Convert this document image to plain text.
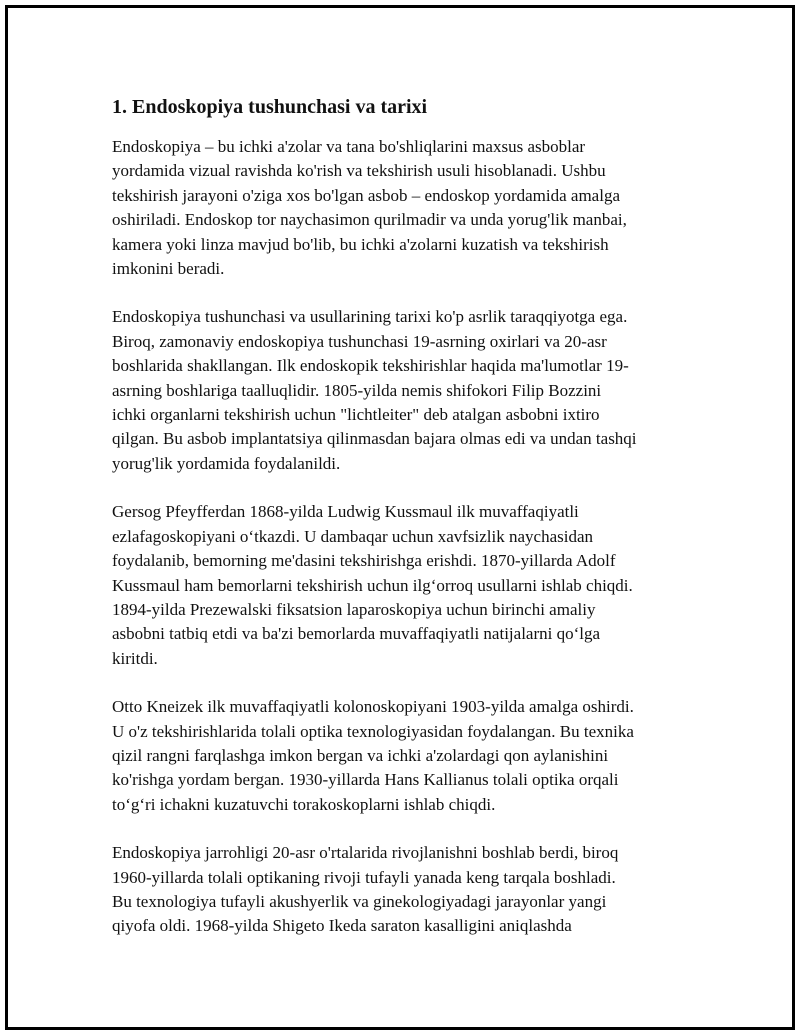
1. Endoskopiya tushunchasi va tarixi
Endoskopiya – bu ichki a'zolar va tana bo'shliqlarini maxsus asboblar
yordamida vizual ravishda ko'rish va tekshirish usuli hisoblanadi. Ushbu
tekshirish jarayoni o'ziga xos bo'lgan asbob – endoskop yordamida amalga
oshiriladi. Endoskop tor naychasimon qurilmadir va unda yorug'lik manbai,
kamera yoki linza mavjud bo'lib, bu ichki a'zolarni kuzatish va tekshirish
imkonini beradi.
Endoskopiya tushunchasi va usullarining tarixi ko'p asrlik taraqqiyotga ega.
Biroq, zamonaviy endoskopiya tushunchasi 19-asrning oxirlari va 20-asr
boshlarida shakllangan. Ilk endoskopik tekshirishlar haqida ma'lumotlar 19-
asrning boshlariga taalluqlidir. 1805-yilda nemis shifokori Filip Bozzini
ichki organlarni tekshirish uchun "lichtleiter" deb atalgan asbobni ixtiro
qilgan. Bu asbob implantatsiya qilinmasdan bajara olmas edi va undan tashqi
yorug'lik yordamida foydalanildi.
Gersog Pfeyfferdan 1868-yilda Ludwig Kussmaul ilk muvaffaqiyatli
ezlafagoskopiyani o‘tkazdi. U dambaqar uchun xavfsizlik naychasidan
foydalanib, bemorning me'dasini tekshirishga erishdi. 1870-yillarda Adolf
Kussmaul ham bemorlarni tekshirish uchun ilg‘orroq usullarni ishlab chiqdi.
1894-yilda Prezewalski fiksatsion laparoskopiya uchun birinchi amaliy
asbobni tatbiq etdi va ba'zi bemorlarda muvaffaqiyatli natijalarni qo‘lga
kiritdi.
Otto Kneizek ilk muvaffaqiyatli kolonoskopiyani 1903-yilda amalga oshirdi.
U o'z tekshirishlarida tolali optika texnologiyasidan foydalangan. Bu texnika
qizil rangni farqlashga imkon bergan va ichki a'zolardagi qon aylanishini
ko'rishga yordam bergan. 1930-yillarda Hans Kallianus tolali optika orqali
to‘g‘ri ichakni kuzatuvchi torakoskoplarni ishlab chiqdi.
Endoskopiya jarrohligi 20-asr o'rtalarida rivojlanishni boshlab berdi, biroq
1960-yillarda tolali optikaning rivoji tufayli yanada keng tarqala boshladi.
Bu texnologiya tufayli akushyerlik va ginekologiyadagi jarayonlar yangi
qiyofa oldi. 1968-yilda Shigeto Ikeda saraton kasalligini aniqlashda
